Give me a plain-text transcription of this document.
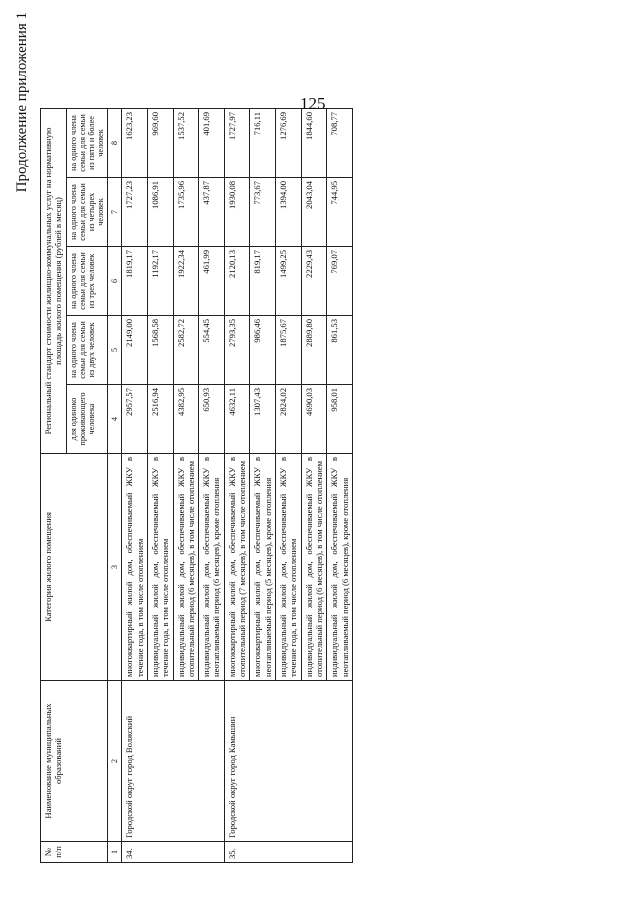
Продолжение приложения 1
№ п/п	Наименование муниципальных образований	Категория жилого помещения	Региональный стандарт стоимости жилищно-коммунальных услуг на нормативную площадь жилого помещения (рублей в месяц)				
			для одиноко проживающего человека	на одного члена семьи для семьи из двух человек	на одного члена семьи для семьи из трех человек	на одного члена семьи для семьи из четырех человек	на одного члена семьи для семьи из пяти и более человек
1	2	3	4	5	6	7	8
34.	Городской округ город Волжский	многоквартирный жилой дом, обеспечиваемый ЖКУ в течение года, в том числе отоплением	2957,57	2149,00	1819,17	1727,23	1623,23
		индивидуальный жилой дом, обеспечиваемый ЖКУ в течение года, в том числе отоплением	2516,94	1568,58	1192,17	1086,91	969,60
		индивидуальный жилой дом, обеспечиваемый ЖКУ в отопительный период (6 месяцев), в том числе отоплением	4382,95	2582,72	1922,34	1735,96	1537,52
		индивидуальный жилой дом, обеспечиваемый ЖКУ в неотапливаемый период (6 месяцев), кроме отопления	650,93	554,45	461,99	437,87	401,69
35.	Городской округ город Камышин	многоквартирный жилой дом, обеспечиваемый ЖКУ в отопительный период (7 месяцев), в том числе отоплением	4632,11	2793,35	2120,13	1930,08	1727,97
		многоквартирный жилой дом, обеспечиваемый ЖКУ в неотапливаемый период (5 месяцев), кроме отопления	1307,43	986,46	819,17	773,67	716,11
		индивидуальный жилой дом, обеспечиваемый ЖКУ в течение года, в том числе отоплением	2824,02	1875,67	1499,25	1394,00	1276,69
		индивидуальный жилой дом, обеспечиваемый ЖКУ в отопительный период (6 месяцев), в том числе отоплением	4690,03	2889,80	2229,43	2043,04	1844,60
		индивидуальный жилой дом, обеспечиваемый ЖКУ в неотапливаемый период (6 месяцев), кроме отопления	958,01	861,53	769,07	744,95	708,77
125
